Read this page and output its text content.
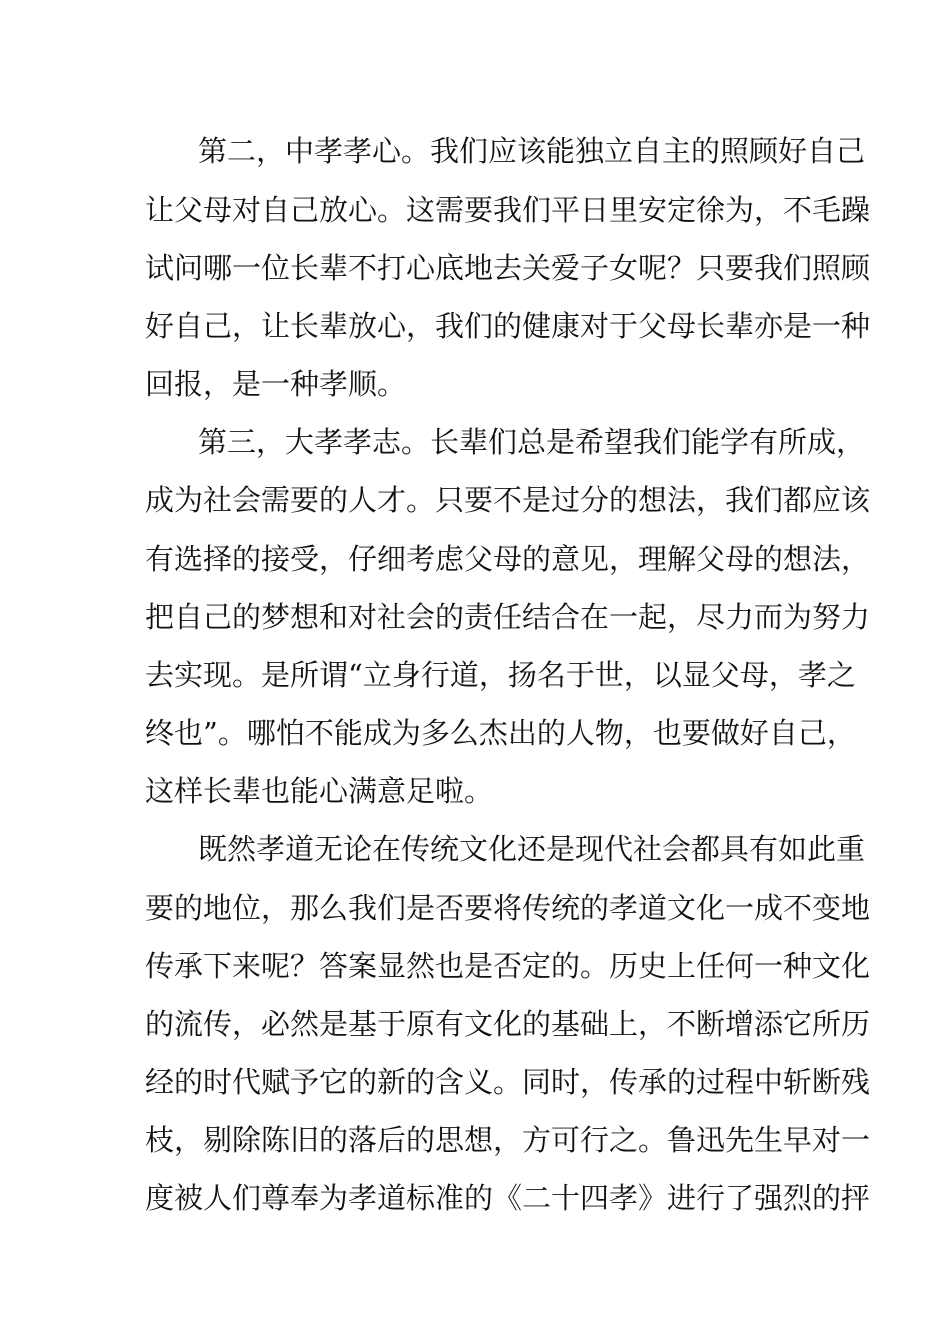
第二，中孝孝心。我们应该能独立自主的照顾好自己
让父母对自己放心。这需要我们平日里安定徐为，不毛躁
试问哪一位长辈不打心底地去关爱子女呢？只要我们照顾
好自己，让长辈放心，我们的健康对于父母长辈亦是一种
回报，是一种孝顺。
第三，大孝孝志。长辈们总是希望我们能学有所成，
成为社会需要的人才。只要不是过分的想法，我们都应该
有选择的接受，仔细考虑父母的意见，理解父母的想法，
把自己的梦想和对社会的责任结合在一起，尽力而为努力
去实现。是所谓“立身行道，扬名于世，以显父母，孝之
终也”。哪怕不能成为多么杰出的人物，也要做好自己，
这样长辈也能心满意足啦。
既然孝道无论在传统文化还是现代社会都具有如此重
要的地位，那么我们是否要将传统的孝道文化一成不变地
传承下来呢？答案显然也是否定的。历史上任何一种文化
的流传，必然是基于原有文化的基础上，不断增添它所历
经的时代赋予它的新的含义。同时，传承的过程中斩断残
枝，剔除陈旧的落后的思想，方可行之。鲁迅先生早对一
度被人们尊奉为孝道标准的《二十四孝》进行了强烈的抨
